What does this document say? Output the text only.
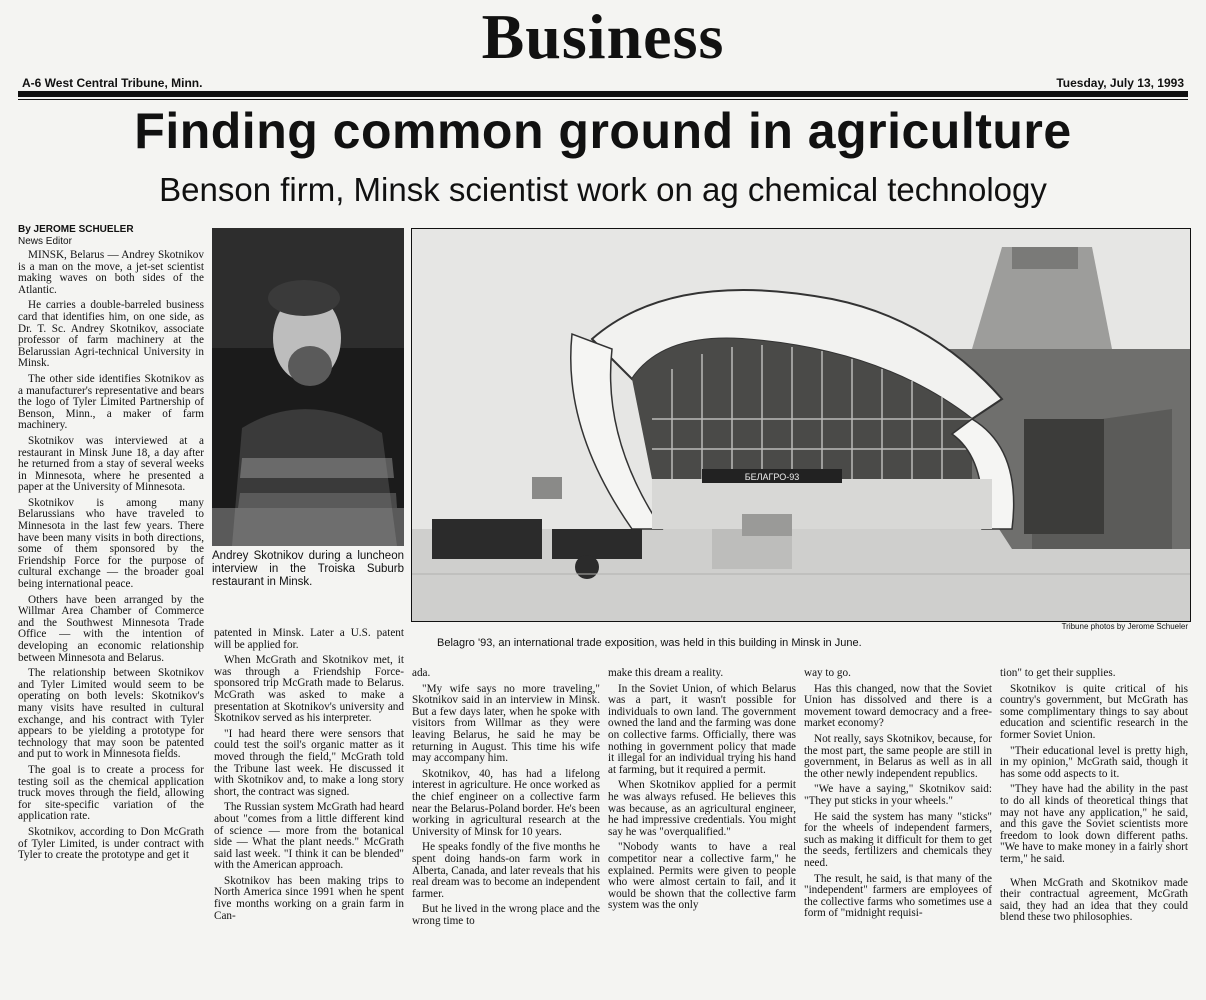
Business
A-6 West Central Tribune, Minn.	Tuesday, July 13, 1993
Finding common ground in agriculture
Benson firm, Minsk scientist work on ag chemical technology
By JEROME SCHUELER
News Editor

MINSK, Belarus — Andrey Skotnikov is a man on the move, a jet-set scientist making waves on both sides of the Atlantic.

He carries a double-barreled business card that identifies him, on one side, as Dr. T. Sc. Andrey Skotnikov, associate professor of farm machinery at the Belarussian Agri-technical University in Minsk.

The other side identifies Skotnikov as a manufacturer's representative and bears the logo of Tyler Limited Partnership of Benson, Minn., a maker of farm machinery.

Skotnikov was interviewed at a restaurant in Minsk June 18, a day after he returned from a stay of several weeks in Minnesota, where he presented a paper at the University of Minnesota.

Skotnikov is among many Belarussians who have traveled to Minnesota in the last few years. There have been many visits in both directions, some of them sponsored by the Friendship Force for the purpose of cultural exchange — the broader goal being international peace.

Others have been arranged by the Willmar Area Chamber of Commerce and the Southwest Minnesota Trade Office — with the intention of developing an economic relationship between Minnesota and Belarus.

The relationship between Skotnikov and Tyler Limited would seem to be operating on both levels: Skotnikov's many visits have resulted in cultural exchange, and his contract with Tyler appears to be yielding a prototype for technology that may soon be patented and put to work in Minnesota fields.

The goal is to create a process for testing soil as the chemical application truck moves through the field, allowing for site-specific variation of the application rate.

Skotnikov, according to Don McGrath of Tyler Limited, is under contract with Tyler to create the prototype and get it

Andrey Skotnikov during a luncheon interview in the Troiska Suburb restaurant in Minsk.
БЕЛАГРО-93
Tribune photos by Jerome Schueler
Belagro '93, an international trade exposition, was held in this building in Minsk in June.

patented in Minsk. Later a U.S. patent will be applied for.

When McGrath and Skotnikov met, it was through a Friendship Force-sponsored trip McGrath made to Belarus. McGrath was asked to make a presentation at Skotnikov's university and Skotnikov served as his interpreter.

"I had heard there were sensors that could test the soil's organic matter as it moved through the field," McGrath told the Tribune last week. He discussed it with Skotnikov and, to make a long story short, the contract was signed.

The Russian system McGrath had heard about "comes from a little different kind of science — more from the botanical side — What the plant needs." McGrath said last week. "I think it can be blended" with the American approach.

Skotnikov has been making trips to North America since 1991 when he spent five months working on a grain farm in Can-

ada.

"My wife says no more traveling," Skotnikov said in an interview in Minsk. But a few days later, when he spoke with visitors from Willmar as they were leaving Belarus, he said he may be returning in August. This time his wife may accompany him.

Skotnikov, 40, has had a lifelong interest in agriculture. He once worked as the chief engineer on a collective farm near the Belarus-Poland border. He's been working in agricultural research at the University of Minsk for 10 years.

He speaks fondly of the five months he spent doing hands-on farm work in Alberta, Canada, and later reveals that his real dream was to become an independent farmer.

But he lived in the wrong place and the wrong time to

make this dream a reality.

In the Soviet Union, of which Belarus was a part, it wasn't possible for individuals to own land. The government owned the land and the farming was done on collective farms. Officially, there was nothing in government policy that made it illegal for an individual trying his hand at farming, but it required a permit.

When Skotnikov applied for a permit he was always refused. He believes this was because, as an agricultural engineer, he had impressive credentials. You might say he was "overqualified."

"Nobody wants to have a real competitor near a collective farm," he explained. Permits were given to people who were almost certain to fail, and it would be shown that the collective farm system was the only

way to go.

Has this changed, now that the Soviet Union has dissolved and there is a movement toward democracy and a free-market economy?

Not really, says Skotnikov, because, for the most part, the same people are still in government, in Belarus as well as in all the other newly independent republics.

"We have a saying," Skotnikov said: "They put sticks in your wheels."

He said the system has many "sticks" for the wheels of independent farmers, such as making it difficult for them to get the seeds, fertilizers and chemicals they need.

The result, he said, is that many of the "independent" farmers are employees of the collective farms who sometimes use a form of "midnight requisi-

tion" to get their supplies.

Skotnikov is quite critical of his country's government, but McGrath has some complimentary things to say about education and scientific research in the former Soviet Union.

"Their educational level is pretty high, in my opinion," McGrath said, though it has some odd aspects to it.

"They have had the ability in the past to do all kinds of theoretical things that may not have any application," he said, and this gave the Soviet scientists more freedom to look down different paths. "We have to make money in a fairly short term," he said.

When McGrath and Skotnikov made their contractual agreement, McGrath said, they had an idea that they could blend these two philosophies.
